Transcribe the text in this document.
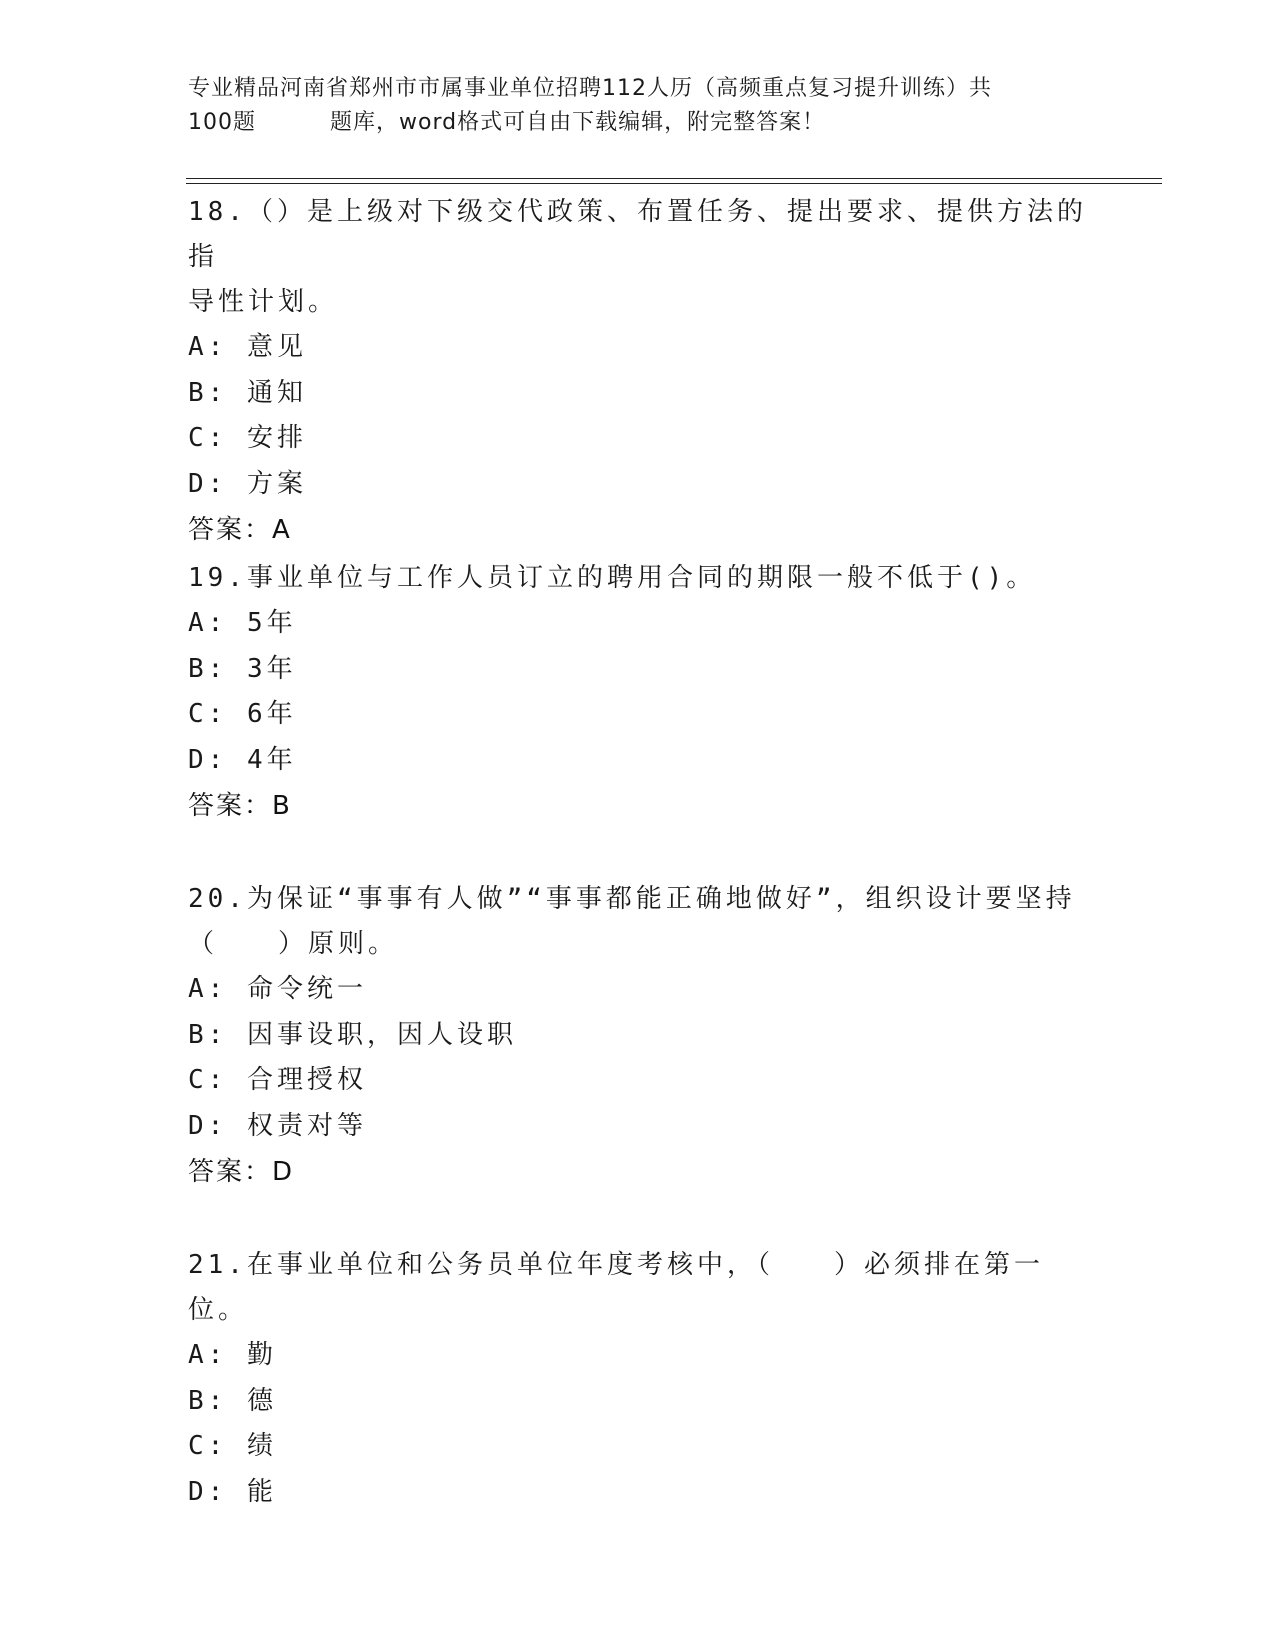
专业精品河南省郑州市市属事业单位招聘112人历（高频重点复习提升训练）共
100题	题库，word格式可自由下载编辑，附完整答案！
18.（）是上级对下级交代政策、布置任务、提出要求、提供方法的指
导性计划。
A: 意见
B: 通知
C: 安排
D: 方案
答案：A
19.事业单位与工作人员订立的聘用合同的期限一般不低于()。
A: 5年
B: 3年
C: 6年
D: 4年
答案：B
20.为保证“事事有人做”“事事都能正确地做好”，组织设计要坚持
（　　）原则。
A: 命令统一
B: 因事设职，因人设职
C: 合理授权
D: 权责对等
答案：D
21.在事业单位和公务员单位年度考核中，（　　）必须排在第一位。
A: 勤
B: 德
C: 绩
D: 能
